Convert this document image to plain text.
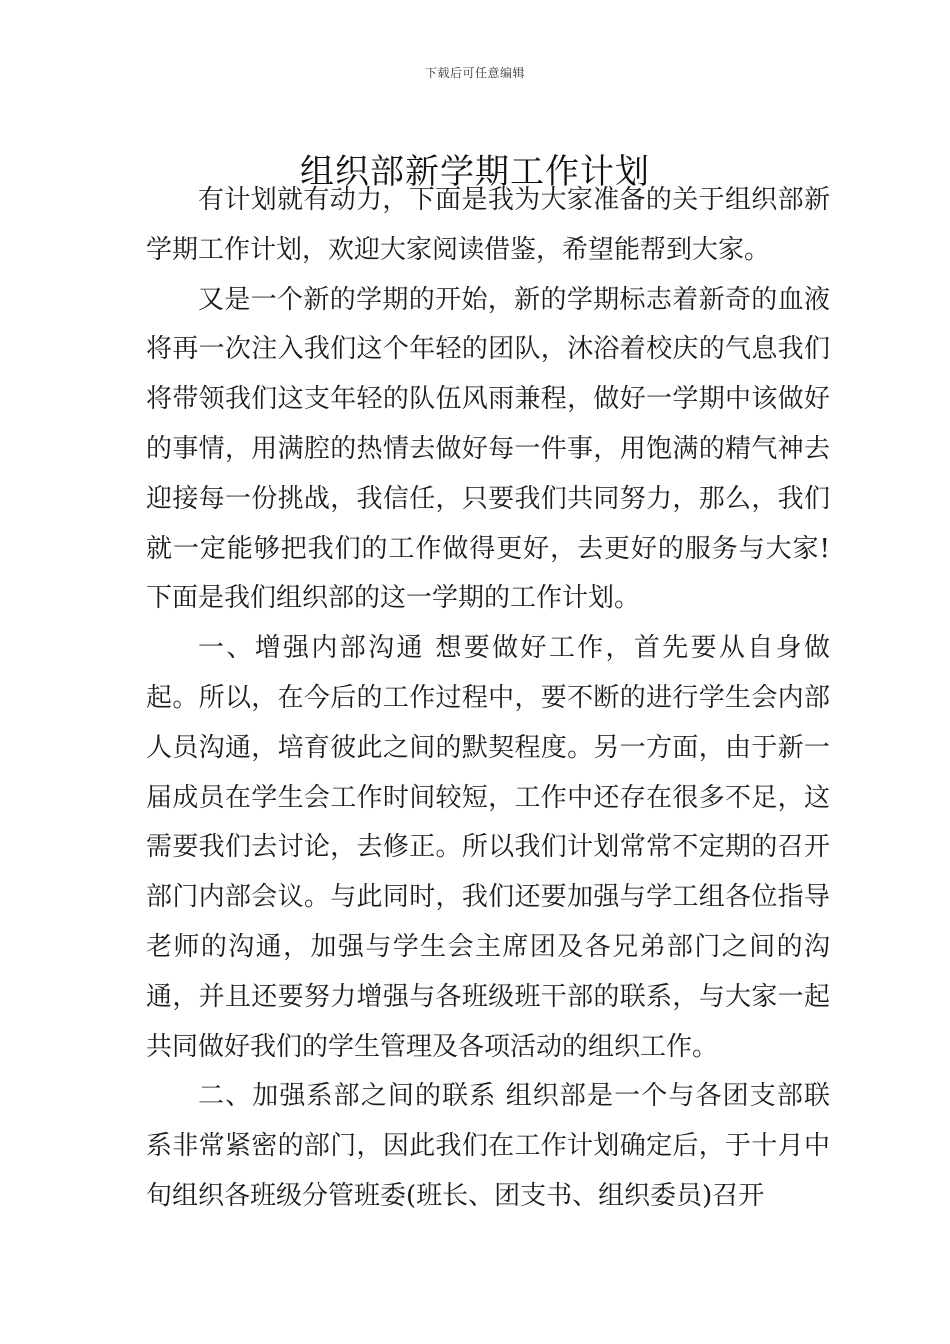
下载后可任意编辑
组织部新学期工作计划

有计划就有动力，下面是我为大家准备的关于组织部新学期工作计划，欢迎大家阅读借鉴，希望能帮到大家。

又是一个新的学期的开始，新的学期标志着新奇的血液将再一次注入我们这个年轻的团队，沐浴着校庆的气息我们将带领我们这支年轻的队伍风雨兼程，做好一学期中该做好的事情，用满腔的热情去做好每一件事，用饱满的精气神去迎接每一份挑战，我信任，只要我们共同努力，那么，我们就一定能够把我们的工作做得更好，去更好的服务与大家!下面是我们组织部的这一学期的工作计划。

一、增强内部沟通 想要做好工作，首先要从自身做起。所以，在今后的工作过程中，要不断的进行学生会内部人员沟通，培育彼此之间的默契程度。另一方面，由于新一届成员在学生会工作时间较短，工作中还存在很多不足，这需要我们去讨论，去修正。所以我们计划常常不定期的召开部门内部会议。与此同时，我们还要加强与学工组各位指导老师的沟通，加强与学生会主席团及各兄弟部门之间的沟通，并且还要努力增强与各班级班干部的联系，与大家一起共同做好我们的学生管理及各项活动的组织工作。

二、加强系部之间的联系 组织部是一个与各团支部联系非常紧密的部门，因此我们在工作计划确定后，于十月中旬组织各班级分管班委(班长、团支书、组织委员)召开
